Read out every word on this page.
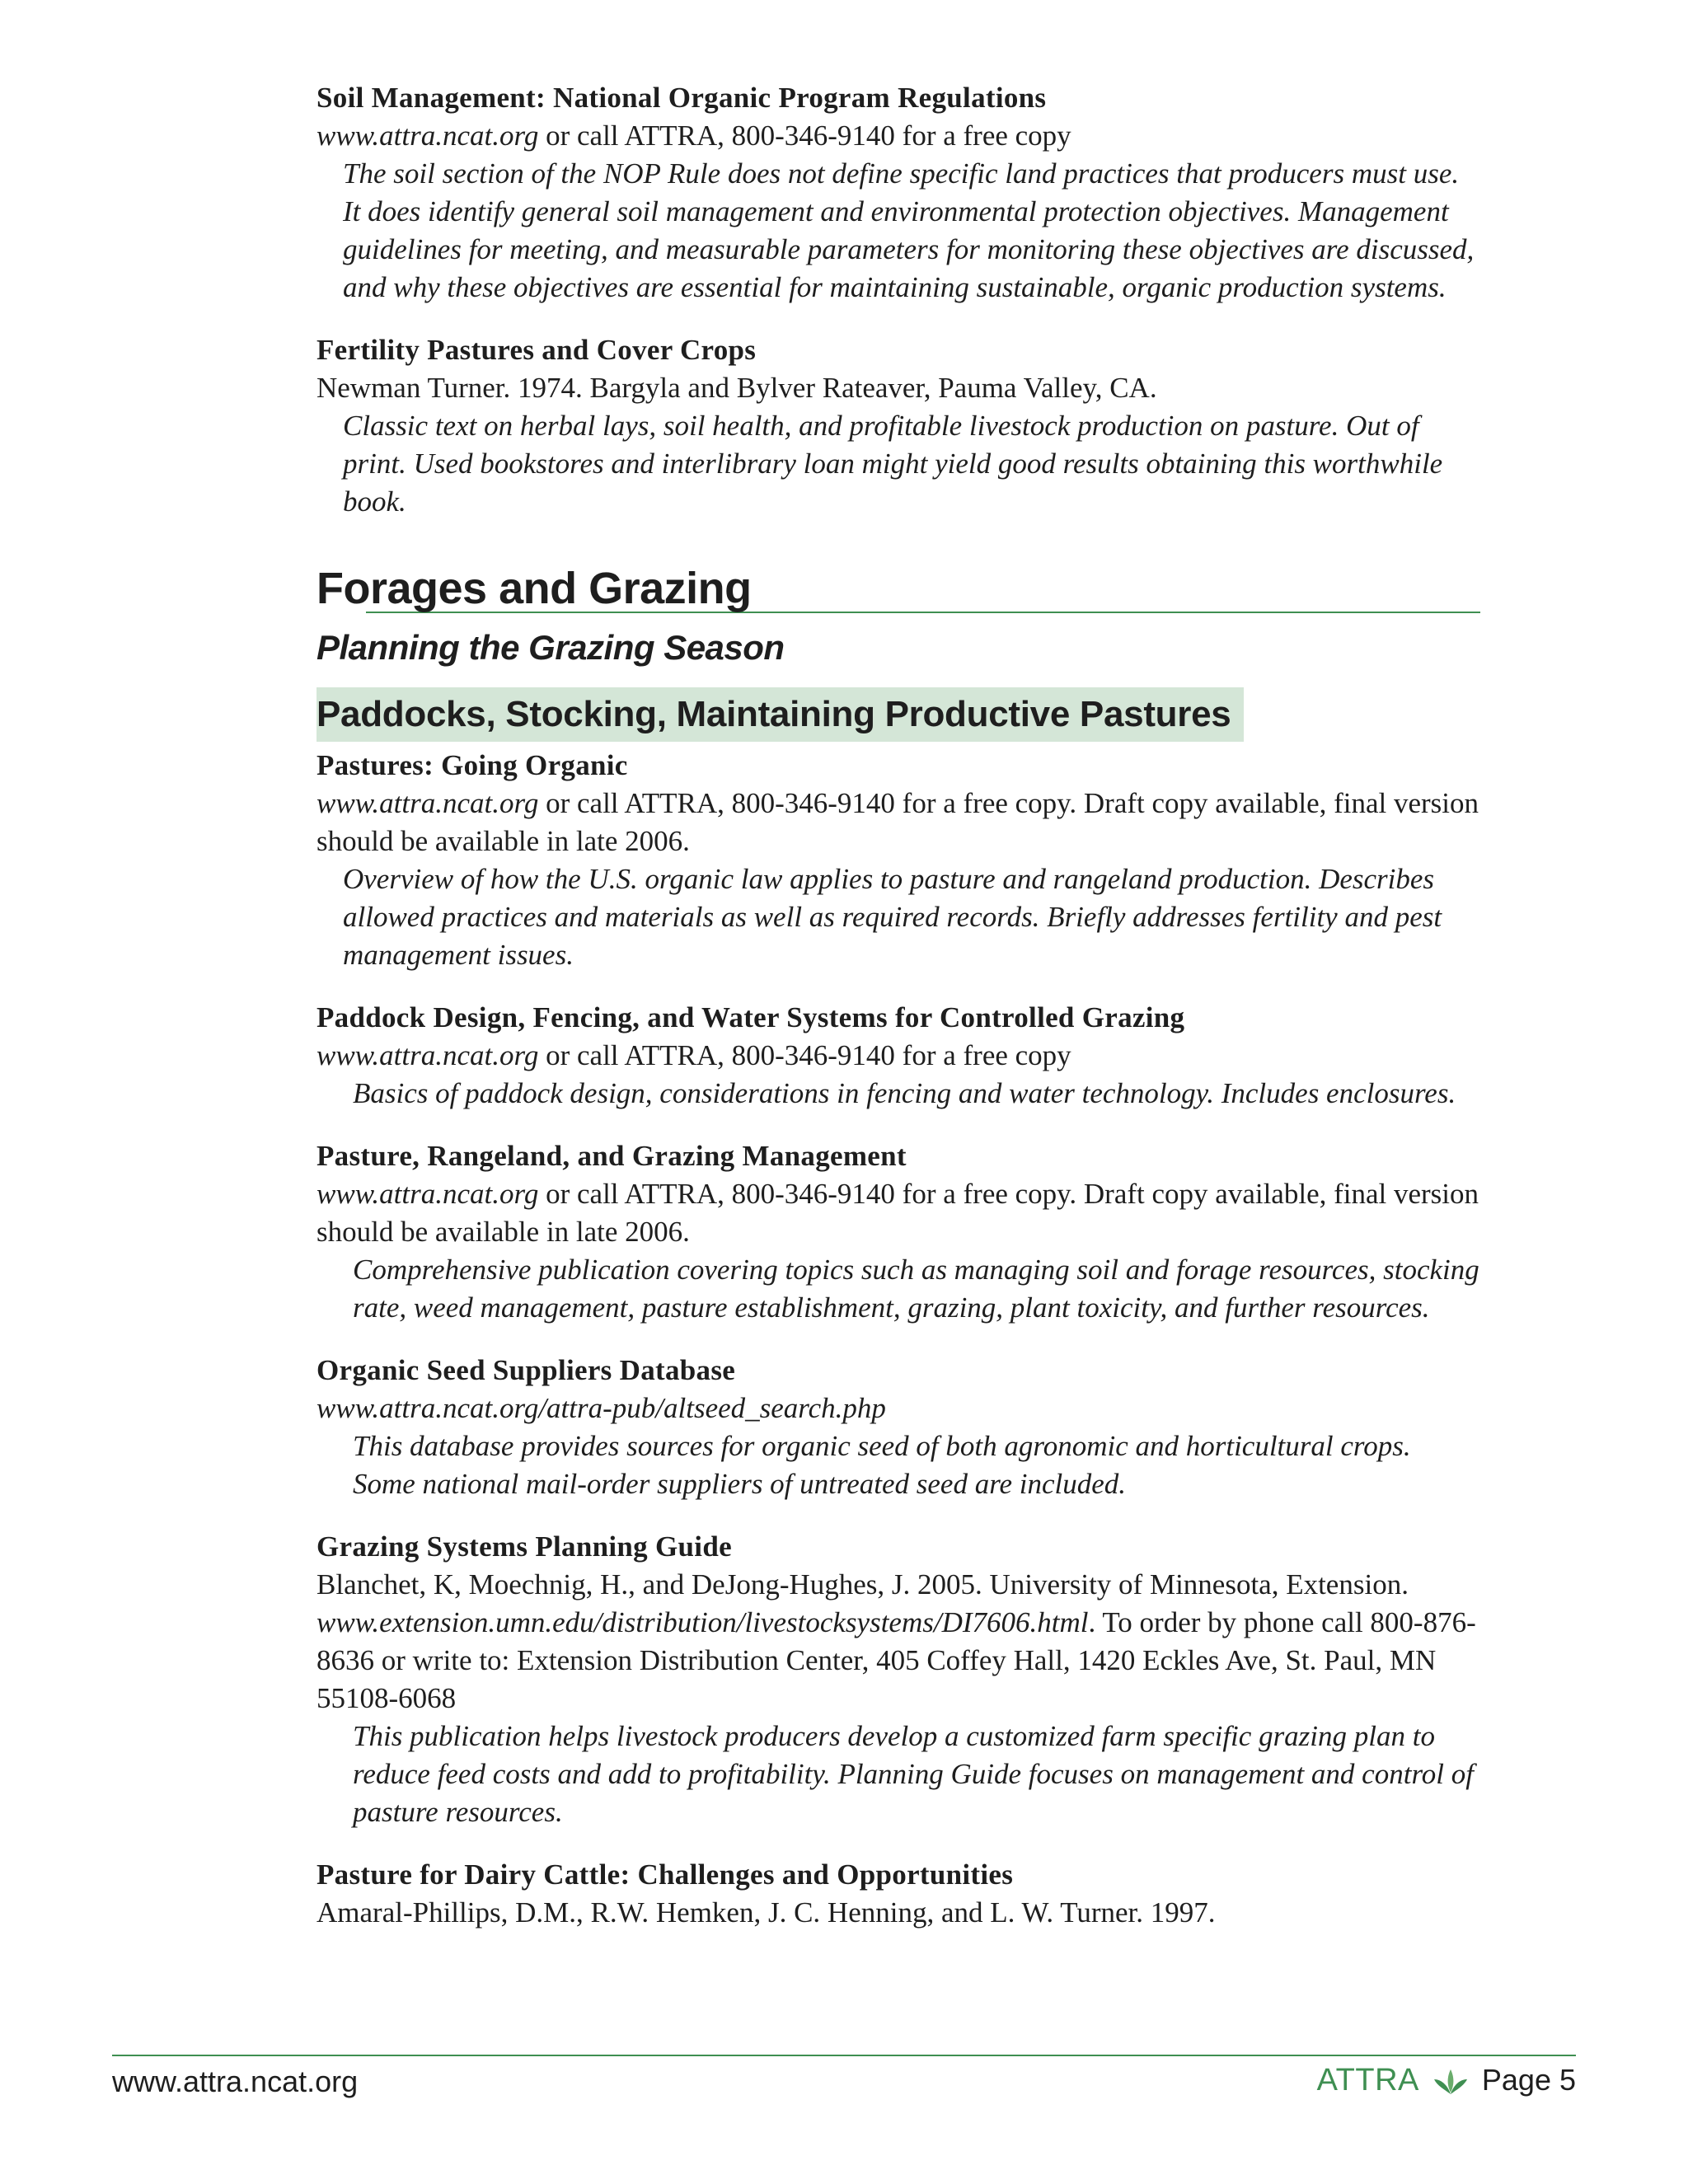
Soil Management: National Organic Program Regulations
www.attra.ncat.org or call ATTRA, 800-346-9140 for a free copy
The soil section of the NOP Rule does not define specific land practices that producers must use. It does identify general soil management and environmental protection objectives. Management guidelines for meeting, and measurable parameters for monitoring these objectives are discussed, and why these objectives are essential for maintaining sustainable, organic production systems.
Fertility Pastures and Cover Crops
Newman Turner. 1974. Bargyla and Bylver Rateaver, Pauma Valley, CA.
Classic text on herbal lays, soil health, and profitable livestock production on pasture. Out of print. Used bookstores and interlibrary loan might yield good results obtaining this worthwhile book.
Forages and Grazing
Planning the Grazing Season
Paddocks, Stocking, Maintaining Productive Pastures
Pastures: Going Organic
www.attra.ncat.org or call ATTRA, 800-346-9140 for a free copy. Draft copy available, final version should be available in late 2006.
Overview of how the U.S. organic law applies to pasture and rangeland production. Describes allowed practices and materials as well as required records. Briefly addresses fertility and pest management issues.
Paddock Design, Fencing, and Water Systems for Controlled Grazing
www.attra.ncat.org or call ATTRA, 800-346-9140 for a free copy
Basics of paddock design, considerations in fencing and water technology. Includes enclosures.
Pasture, Rangeland, and Grazing Management
www.attra.ncat.org or call ATTRA, 800-346-9140 for a free copy. Draft copy available, final version should be available in late 2006.
Comprehensive publication covering topics such as managing soil and forage resources, stocking rate, weed management, pasture establishment, grazing, plant toxicity, and further resources.
Organic Seed Suppliers Database
www.attra.ncat.org/attra-pub/altseed_search.php
This database provides sources for organic seed of both agronomic and horticultural crops. Some national mail-order suppliers of untreated seed are included.
Grazing Systems Planning Guide
Blanchet, K, Moechnig, H., and DeJong-Hughes, J. 2005. University of Minnesota, Extension. www.extension.umn.edu/distribution/livestocksystems/DI7606.html. To order by phone call 800-876-8636 or write to: Extension Distribution Center, 405 Coffey Hall, 1420 Eckles Ave, St. Paul, MN 55108-6068
This publication helps livestock producers develop a customized farm specific grazing plan to reduce feed costs and add to profitability. Planning Guide focuses on management and control of pasture resources.
Pasture for Dairy Cattle: Challenges and Opportunities
Amaral-Phillips, D.M., R.W. Hemken, J. C. Henning, and L. W. Turner. 1997.
www.attra.ncat.org	ATTRA Page 5
